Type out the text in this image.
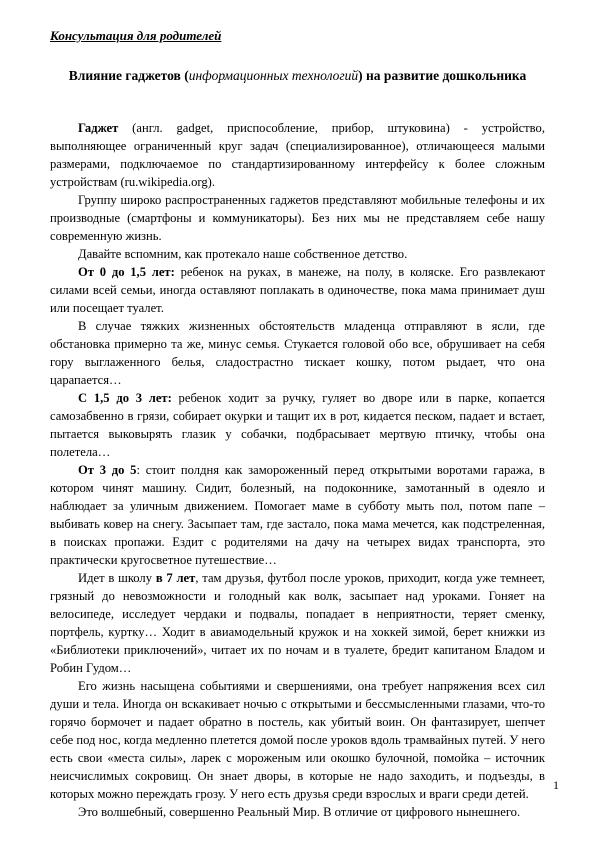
Консультация для родителей
Влияние гаджетов (информационных технологий) на развитие дошкольника

Гаджет (англ. gadget, приспособление, прибор, штуковина) - устройство, выполняющее ограниченный круг задач (специализированное), отличающееся малыми размерами, подключаемое по стандартизированному интерфейсу к более сложным устройствам (ru.wikipedia.org).

Группу широко распространенных гаджетов представляют мобильные телефоны и их производные (смартфоны и коммуникаторы). Без них мы не представляем себе нашу современную жизнь.

Давайте вспомним, как протекало наше собственное детство.

От 0 до 1,5 лет: ребенок на руках, в манеже, на полу, в коляске. Его развлекают силами всей семьи, иногда оставляют поплакать в одиночестве, пока мама принимает душ или посещает туалет.

В случае тяжких жизненных обстоятельств младенца отправляют в ясли, где обстановка примерно та же, минус семья. Стукается головой обо все, обрушивает на себя гору выглаженного белья, сладострастно тискает кошку, потом рыдает, что она царапается…

С 1,5 до 3 лет: ребенок ходит за ручку, гуляет во дворе или в парке, копается самозабвенно в грязи, собирает окурки и тащит их в рот, кидается песком, падает и встает, пытается выковырять глазик у собачки, подбрасывает мертвую птичку, чтобы она полетела…

От 3 до 5: стоит полдня как замороженный перед открытыми воротами гаража, в котором чинят машину. Сидит, болезный, на подоконнике, замотанный в одеяло и наблюдает за уличным движением. Помогает маме в субботу мыть пол, потом папе – выбивать ковер на снегу. Засыпает там, где застало, пока мама мечется, как подстреленная, в поисках пропажи. Ездит с родителями на дачу на четырех видах транспорта, это практически кругосветное путешествие…

Идет в школу в 7 лет, там друзья, футбол после уроков, приходит, когда уже темнеет, грязный до невозможности и голодный как волк, засыпает над уроками. Гоняет на велосипеде, исследует чердаки и подвалы, попадает в неприятности, теряет сменку, портфель, куртку… Ходит в авиамодельный кружок и на хоккей зимой, берет книжки из «Библиотеки приключений», читает их по ночам и в туалете, бредит капитаном Бладом и Робин Гудом…

Его жизнь насыщена событиями и свершениями, она требует напряжения всех сил души и тела. Иногда он вскакивает ночью с открытыми и бессмысленными глазами, что-то горячо бормочет и падает обратно в постель, как убитый воин. Он фантазирует, шепчет себе под нос, когда медленно плетется домой после уроков вдоль трамвайных путей. У него есть свои «места силы», ларек с мороженым или окошко булочной, помойка – источник неисчислимых сокровищ. Он знает дворы, в которые не надо заходить, и подъезды, в которых можно переждать грозу. У него есть друзья среди взрослых и враги среди детей.

Это волшебный, совершенно Реальный Мир. В отличие от цифрового нынешнего.

1
